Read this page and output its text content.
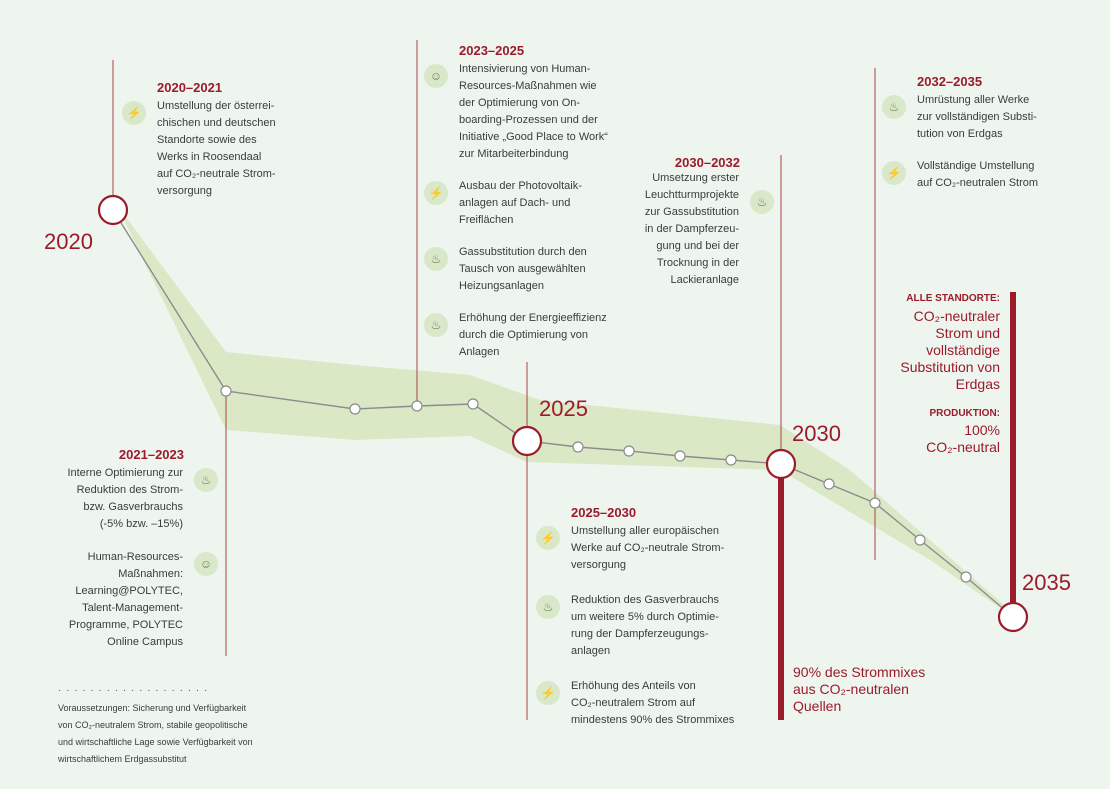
2020
2025
2030
2035
2020–2021
⚡	Umstellung der österrei-
chischen und deutschen
Standorte sowie des
Werks in Roosendaal
auf CO₂-neutrale Strom-
versorgung
2021–2023
Interne Optimierung zur
Reduktion des Strom-
bzw. Gasverbrauchs
(-5% bzw. –15%)
♨
Human-Resources-
Maßnahmen:
Learning@POLYTEC,
Talent-Management-
Programme, POLYTEC
Online Campus
☺
2023–2025
☺	Intensivierung von Human-
Resources-Maßnahmen wie
der Optimierung von On-
boarding-Prozessen und der
Initiative „Good Place to Work“
zur Mitarbeiterbindung
⚡	Ausbau der Photovoltaik-
anlagen auf Dach- und
Freiflächen
♨	Gassubstitution durch den
Tausch von ausgewählten
Heizungsanlagen
♨	Erhöhung der Energieeffizienz
durch die Optimierung von
Anlagen
2025–2030
⚡	Umstellung aller europäischen
Werke auf CO₂-neutrale Strom-
versorgung
♨	Reduktion des Gasverbrauchs
um weitere 5% durch Optimie-
rung der Dampferzeugungs-
anlagen
⚡	Erhöhung des Anteils von
CO₂-neutralem Strom auf
mindestens 90% des Strommixes
2030–2032
Umsetzung erster
Leuchtturmprojekte
zur Gassubstitution
in der Dampferzeu-
gung und bei der
Trocknung in der
Lackieranlage
♨
2032–2035
♨	Umrüstung aller Werke
zur vollständigen Substi-
tution von Erdgas
⚡	Vollständige Umstellung
auf CO₂-neutralen Strom
90% des Strommixes
aus CO₂-neutralen
Quellen
ALLE STANDORTE:
CO₂-neutraler
Strom und
vollständige
Substitution von
Erdgas
PRODUKTION:
100%
CO₂-neutral
· · · · · · · · · · · · · · · · · · ·
Voraussetzungen: Sicherung und Verfügbarkeit
von CO₂-neutralem Strom, stabile geopolitische
und wirtschaftliche Lage sowie Verfügbarkeit von
wirtschaftlichem Erdgassubstitut
